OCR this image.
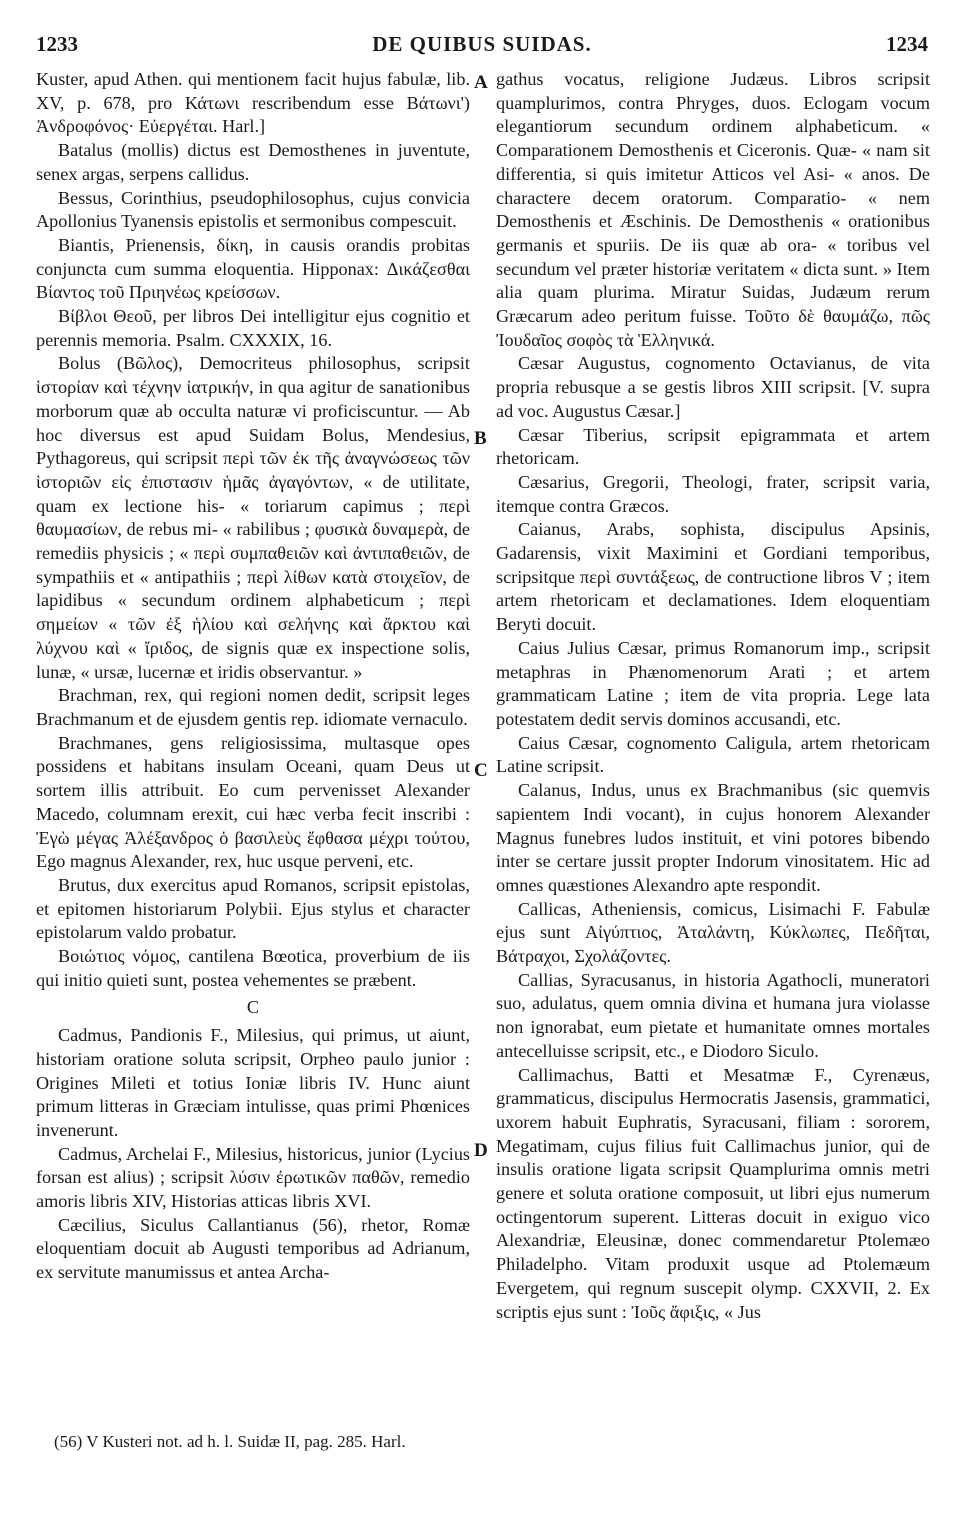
1233	DE QUIBUS SUIDAS.	1234

Kuster, apud Athen. qui mentionem facit hujus fabulæ, lib. XV, p. 678, pro Κάτωνι rescribendum esse Βάτωνι') Ἀνδροφόνος· Εὐεργέται. Harl.]

Batalus (mollis) dictus est Demosthenes in juventute, senex argas, serpens callidus.

Bessus, Corinthius, pseudophilosophus, cujus convicia Apollonius Tyanensis epistolis et sermonibus compescuit.

Biantis, Prienensis, δίκη, in causis orandis probitas conjuncta cum summa eloquentia. Hipponax: Δικάζεσθαι Βίαντος τοῦ Πριηνέως κρείσσων.

Βίβλοι Θεοῦ, per libros Dei intelligitur ejus cognitio et perennis memoria. Psalm. CXXXIX, 16.

Bolus (Βῶλος), Democriteus philosophus, scripsit ἱστορίαν καὶ τέχνην ἰατρικήν, in qua agitur de sanationibus morborum quæ ab occulta naturæ vi proficiscuntur. — Ab hoc diversus est apud Suidam Bolus, Mendesius, Pythagoreus, qui scripsit περὶ τῶν ἐκ τῆς ἀναγνώσεως τῶν ἱστοριῶν εἰς ἐπιστασιν ἡμᾶς ἀγαγόντων, « de utilitate, quam ex lectione his- « toriarum capimus ; περὶ θαυμασίων, de rebus mi- « rabilibus ; φυσικὰ δυναμερὰ, de remediis physicis ; « περὶ συμπαθειῶν καὶ ἀντιπαθειῶν, de sympathiis et « antipathiis ; περὶ λίθων κατὰ στοιχεῖον, de lapidibus « secundum ordinem alphabeticum ; περὶ σημείων « τῶν ἐξ ἡλίου καὶ σελήνης καὶ ἄρκτου καὶ λύχνου καὶ « ἴριδος, de signis quæ ex inspectione solis, lunæ, « ursæ, lucernæ et iridis observantur. »

Brachman, rex, qui regioni nomen dedit, scripsit leges Brachmanum et de ejusdem gentis rep. idiomate vernaculo.

Brachmanes, gens religiosissima, multasque opes possidens et habitans insulam Oceani, quam Deus ut sortem illis attribuit. Eo cum pervenisset Alexander Macedo, columnam erexit, cui hæc verba fecit inscribi : Ἐγὼ μέγας Ἀλέξανδρος ὁ βασιλεὺς ἔφθασα μέχρι τούτου, Ego magnus Alexander, rex, huc usque perveni, etc.

Brutus, dux exercitus apud Romanos, scripsit epistolas, et epitomen historiarum Polybii. Ejus stylus et character epistolarum valdo probatur.

Βοιώτιος νόμος, cantilena Bœotica, proverbium de iis qui initio quieti sunt, postea vehementes se præbent.

C

Cadmus, Pandionis F., Milesius, qui primus, ut aiunt, historiam oratione soluta scripsit, Orpheo paulo junior : Origines Mileti et totius Ioniæ libris IV. Hunc aiunt primum litteras in Græciam intulisse, quas primi Phœnices invenerunt.

Cadmus, Archelai F., Milesius, historicus, junior (Lycius forsan est alius) ; scripsit λύσιν ἐρωτικῶν παθῶν, remedio amoris libris XIV, Historias atticas libris XVI.

Cæcilius, Siculus Callantianus (56), rhetor, Romæ eloquentiam docuit ab Augusti temporibus ad Adrianum, ex servitute manumissus et antea Archa-

gathus vocatus, religione Judæus. Libros scripsit quamplurimos, contra Phryges, duos. Eclogam vocum elegantiorum secundum ordinem alphabeticum. « Comparationem Demosthenis et Ciceronis. Quæ- « nam sit differentia, si quis imitetur Atticos vel Asi- « anos. De charactere decem oratorum. Comparatio- « nem Demosthenis et Æschinis. De Demosthenis « orationibus germanis et spuriis. De iis quæ ab ora- « toribus vel secundum vel præter historiæ veritatem « dicta sunt. » Item alia quam plurima. Miratur Suidas, Judæum rerum Græcarum adeo peritum fuisse. Τοῦτο δὲ θαυμάζω, πῶς Ἰουδαῖος σοφὸς τὰ Ἑλληνικά.

Cæsar Augustus, cognomento Octavianus, de vita propria rebusque a se gestis libros XIII scripsit. [V. supra ad voc. Augustus Cæsar.]

Cæsar Tiberius, scripsit epigrammata et artem rhetoricam.

Cæsarius, Gregorii, Theologi, frater, scripsit varia, itemque contra Græcos.

Caianus, Arabs, sophista, discipulus Apsinis, Gadarensis, vixit Maximini et Gordiani temporibus, scripsitque περὶ συντάξεως, de contructione libros V ; item artem rhetoricam et declamationes. Idem eloquentiam Beryti docuit.

Caius Julius Cæsar, primus Romanorum imp., scripsit metaphras in Phænomenorum Arati ; et artem grammaticam Latine ; item de vita propria. Lege lata potestatem dedit servis dominos accusandi, etc.

Caius Cæsar, cognomento Caligula, artem rhetoricam Latine scripsit.

Calanus, Indus, unus ex Brachmanibus (sic quemvis sapientem Indi vocant), in cujus honorem Alexander Magnus funebres ludos instituit, et vini potores bibendo inter se certare jussit propter Indorum vinositatem. Hic ad omnes quæstiones Alexandro apte respondit.

Callicas, Atheniensis, comicus, Lisimachi F. Fabulæ ejus sunt Αἰγύπτιος, Ἀταλάντη, Κύκλωπες, Πεδῆται, Βάτραχοι, Σχολάζοντες.

Callias, Syracusanus, in historia Agathocli, muneratori suo, adulatus, quem omnia divina et humana jura violasse non ignorabat, eum pietate et humanitate omnes mortales antecelluisse scripsit, etc., e Diodoro Siculo.

Callimachus, Batti et Mesatmæ F., Cyrenæus, grammaticus, discipulus Hermocratis Jasensis, grammatici, uxorem habuit Euphratis, Syracusani, filiam : sororem, Megatimam, cujus filius fuit Callimachus junior, qui de insulis oratione ligata scripsit Quamplurima omnis metri genere et soluta oratione composuit, ut libri ejus numerum octingentorum superent. Litteras docuit in exiguo vico Alexandriæ, Eleusinæ, donec commendaretur Ptolemæo Philadelpho. Vitam produxit usque ad Ptolemæum Evergetem, qui regnum suscepit olymp. CXXVII, 2. Ex scriptis ejus sunt : Ἰοῦς ἄφιξις, « Jus

A
B
C
D
(56) V Kusteri not. ad h. l. Suidæ II, pag. 285. Harl.
